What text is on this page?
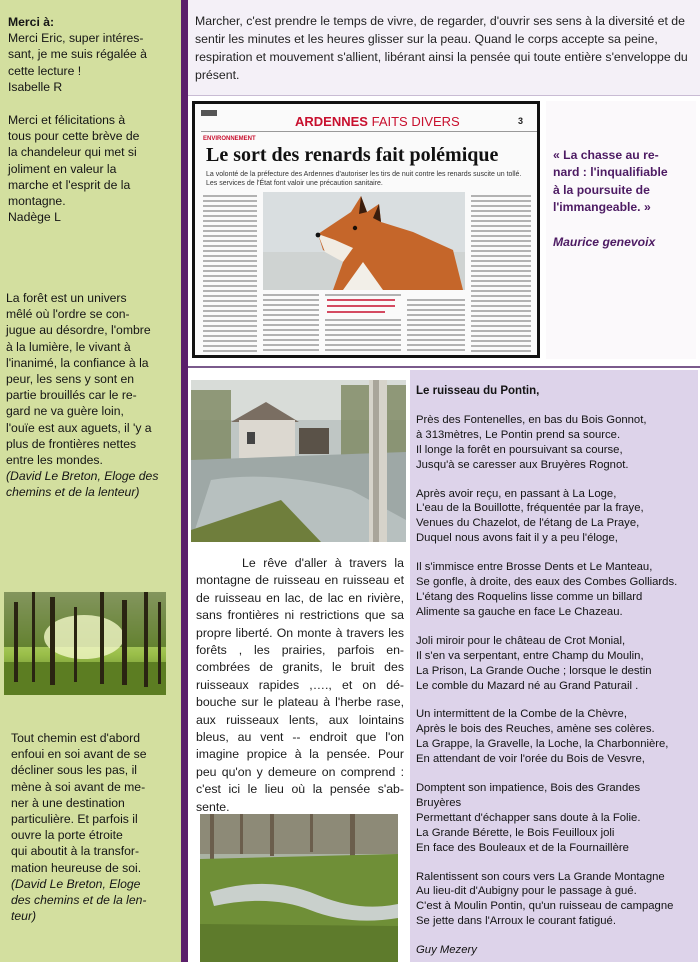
Merci à:

Merci Eric, super intéres-
sant, je me suis régalée à
cette lecture !
Isabelle R

Merci et félicitations à
tous pour cette brève de
la chandeleur qui met si
joliment en valeur la
marche et l'esprit de la
montagne.
Nadège L

La forêt est un univers
mêlé où l'ordre se con-
jugue au désordre, l'ombre
à la lumière, le vivant à
l'inanimé, la confiance à la
peur, les sens y sont en
partie brouillés car le re-
gard ne va guère loin,
l'ouïe est aux aguets, il 'y a
plus de frontières nettes
entre les mondes.

(David Le Breton, Eloge des
chemins et de la lenteur)

Tout chemin est d'abord
enfoui en soi avant de se
décliner sous les pas, il
mène à soi avant de me-
ner à une destination
particulière. Et parfois il
ouvre la porte étroite
qui aboutit à la transfor-
mation heureuse de soi.

(David Le Breton, Eloge
des chemins et de la len-
teur)

Marcher, c'est prendre le temps de vivre, de regarder, d'ouvrir ses sens à la diversité et de sentir les minutes et les heures glisser sur la peau. Quand le corps accepte sa peine, respiration et mouvement s'allient, libérant ainsi la pensée qui toute entière s'enveloppe du présent.

ARDENNES FAITS DIVERS	3
ENVIRONNEMENT
Le sort des renards fait polémique
La volonté de la préfecture des Ardennes d'autoriser les tirs de nuit contre les renards suscite un tollé. Les services de l'État font valoir une précaution sanitaire.

« La chasse au re-
nard : l'inqualifiable
à la poursuite de
l'immangeable. »

Maurice genevoix

Le rêve d'aller à travers la montagne de ruisseau en ruisseau et de ruisseau en lac, de lac en rivière, sans frontières ni restrictions que sa propre liberté. On monte à travers les forêts , les prairies, parfois en-combrées de granits, le bruit des ruisseaux rapides ,…., et on dé-bouche sur le plateau à l'herbe rase, aux ruisseaux lents, aux lointains bleus, au vent -- endroit que l'on imagine propice à la pensée. Pour peu qu'on y demeure on comprend : c'est ici le lieu où la pensée s'ab-sente.

Le ruisseau du Pontin,

Près des Fontenelles, en bas du Bois Gonnot,

à 313mètres, Le Pontin prend sa source.

Il longe la forêt en poursuivant sa course,

Jusqu'à se caresser aux Bruyères Rognot.

Après avoir reçu, en passant à La Loge,

L'eau de la Bouillotte, fréquentée par la fraye,

Venues du Chazelot, de l'étang de La Praye,

Duquel nous avons fait il y a peu l'éloge,

Il s'immisce entre Brosse Dents et Le Manteau,

Se gonfle, à droite, des eaux des Combes Golliards.

L'étang des Roquelins lisse comme un billard

Alimente sa gauche en face Le Chazeau.

Joli miroir pour le château de Crot Monial,

Il s'en va serpentant, entre Champ du Moulin,

La Prison, La Grande Ouche ; lorsque le destin

Le comble du Mazard né au Grand Paturail .

Un intermittent de la Combe de la Chèvre,

Après le bois des Reuches, amène ses colères.

La Grappe, la Gravelle, la Loche, la Charbonnière,

En attendant de voir l'orée du Bois de Vesvre,

Domptent son impatience, Bois des Grandes

Bruyères

Permettant d'échapper sans doute à la Folie.

La Grande Bérette, le Bois Feuilloux joli

En face des Bouleaux et de la Fournaillère

Ralentissent son cours vers La Grande Montagne

Au lieu-dit d'Aubigny pour le passage à gué.

C'est à Moulin Pontin, qu'un ruisseau de campagne

Se jette dans l'Arroux le courant fatigué.

Guy Mezery
